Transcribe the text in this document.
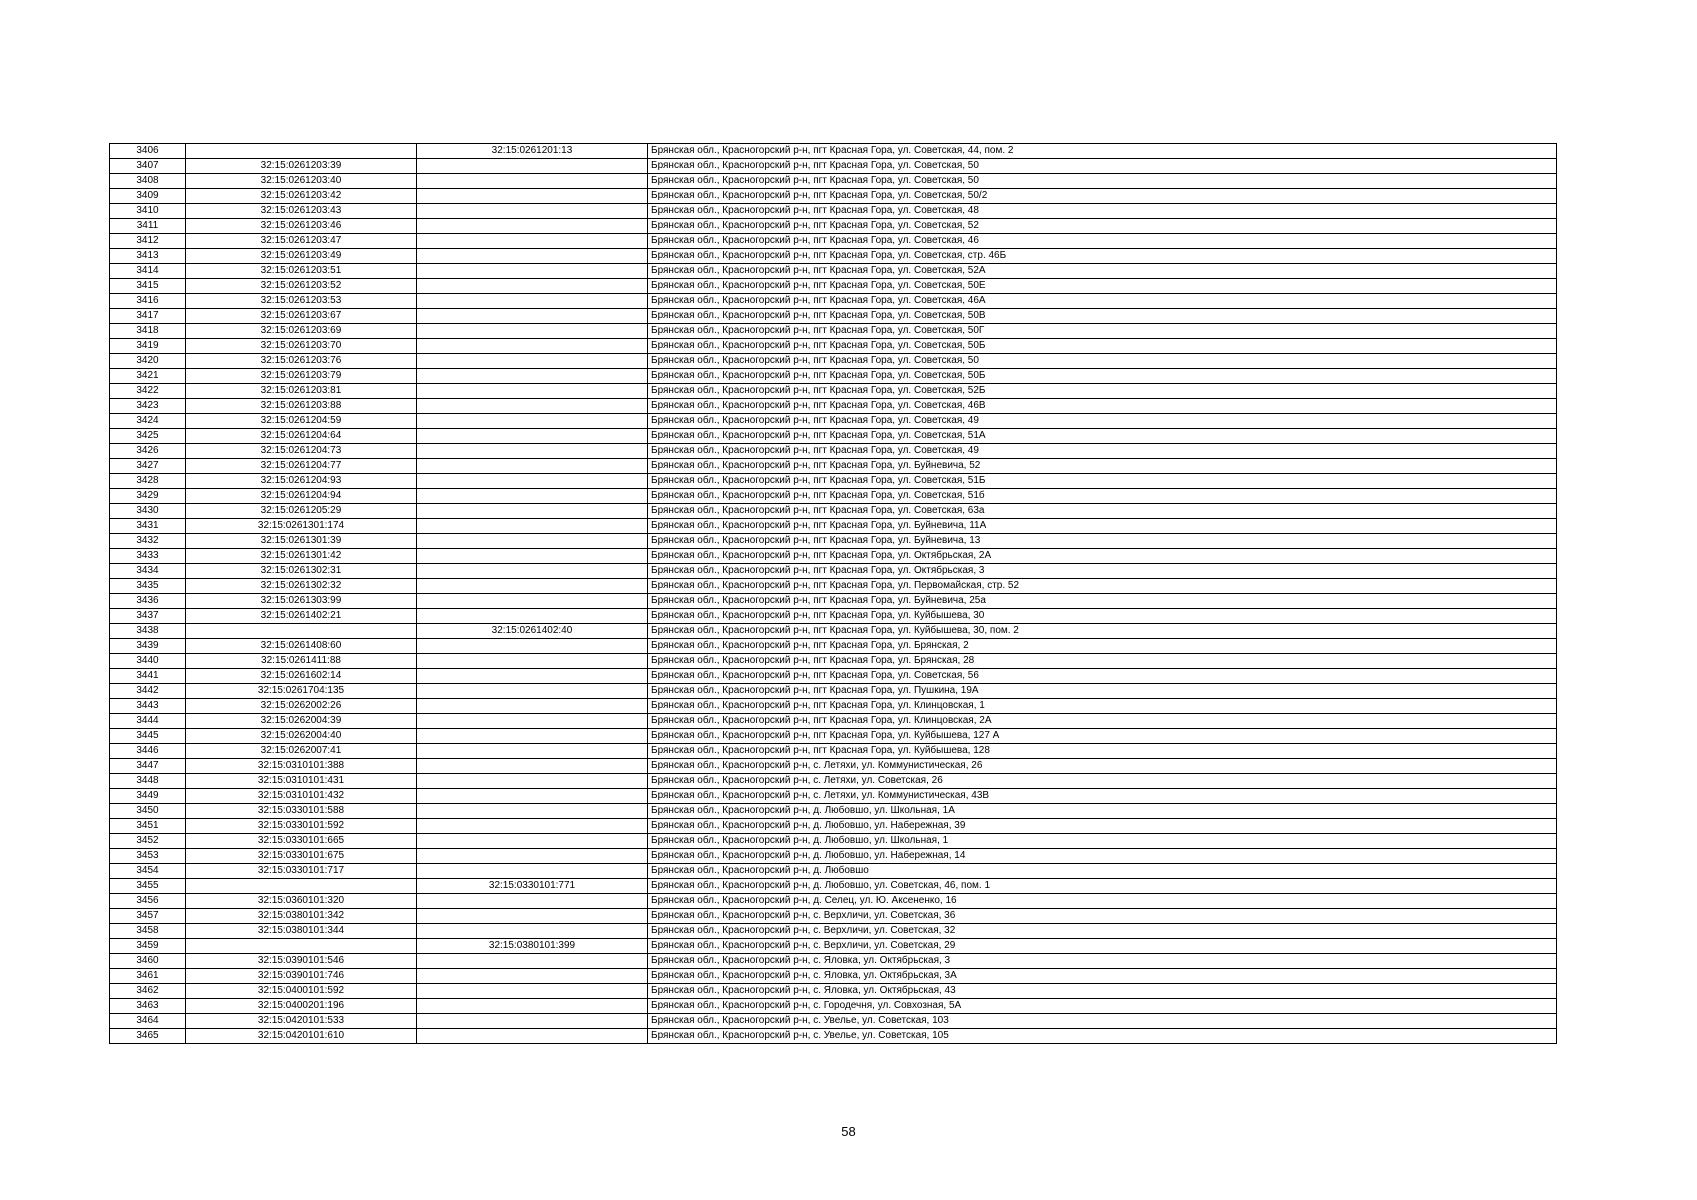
3406		32:15:0261201:13	Брянская обл., Красногорский р-н, пгт Красная Гора, ул. Советская, 44, пом. 2
3407	32:15:0261203:39		Брянская обл., Красногорский р-н, пгт Красная Гора, ул. Советская, 50
3408	32:15:0261203:40		Брянская обл., Красногорский р-н, пгт Красная Гора, ул. Советская, 50
3409	32:15:0261203:42		Брянская обл., Красногорский р-н, пгт Красная Гора, ул. Советская, 50/2
3410	32:15:0261203:43		Брянская обл., Красногорский р-н, пгт Красная Гора, ул. Советская, 48
3411	32:15:0261203:46		Брянская обл., Красногорский р-н, пгт Красная Гора, ул. Советская, 52
3412	32:15:0261203:47		Брянская обл., Красногорский р-н, пгт Красная Гора, ул. Советская, 46
3413	32:15:0261203:49		Брянская обл., Красногорский р-н, пгт Красная Гора, ул. Советская, стр. 46Б
3414	32:15:0261203:51		Брянская обл., Красногорский р-н, пгт Красная Гора, ул. Советская, 52А
3415	32:15:0261203:52		Брянская обл., Красногорский р-н, пгт Красная Гора, ул. Советская, 50Е
3416	32:15:0261203:53		Брянская обл., Красногорский р-н, пгт Красная Гора, ул. Советская, 46А
3417	32:15:0261203:67		Брянская обл., Красногорский р-н, пгт Красная Гора, ул. Советская, 50В
3418	32:15:0261203:69		Брянская обл., Красногорский р-н, пгт Красная Гора, ул. Советская, 50Г
3419	32:15:0261203:70		Брянская обл., Красногорский р-н, пгт Красная Гора, ул. Советская, 50Б
3420	32:15:0261203:76		Брянская обл., Красногорский р-н, пгт Красная Гора, ул. Советская, 50
3421	32:15:0261203:79		Брянская обл., Красногорский р-н, пгт Красная Гора, ул. Советская, 50Б
3422	32:15:0261203:81		Брянская обл., Красногорский р-н, пгт Красная Гора, ул. Советская, 52Б
3423	32:15:0261203:88		Брянская обл., Красногорский р-н, пгт Красная Гора, ул. Советская, 46В
3424	32:15:0261204:59		Брянская обл., Красногорский р-н, пгт Красная Гора, ул. Советская, 49
3425	32:15:0261204:64		Брянская обл., Красногорский р-н, пгт Красная Гора, ул. Советская, 51А
3426	32:15:0261204:73		Брянская обл., Красногорский р-н, пгт Красная Гора, ул. Советская, 49
3427	32:15:0261204:77		Брянская обл., Красногорский р-н, пгт Красная Гора, ул. Буйневича, 52
3428	32:15:0261204:93		Брянская обл., Красногорский р-н, пгт Красная Гора, ул. Советская, 51Б
3429	32:15:0261204:94		Брянская обл., Красногорский р-н, пгт Красная Гора, ул. Советская, 51б
3430	32:15:0261205:29		Брянская обл., Красногорский р-н, пгт Красная Гора, ул. Советская, 63а
3431	32:15:0261301:174		Брянская обл., Красногорский р-н, пгт Красная Гора, ул. Буйневича, 11А
3432	32:15:0261301:39		Брянская обл., Красногорский р-н, пгт Красная Гора, ул. Буйневича, 13
3433	32:15:0261301:42		Брянская обл., Красногорский р-н, пгт Красная Гора, ул. Октябрьская, 2А
3434	32:15:0261302:31		Брянская обл., Красногорский р-н, пгт Красная Гора, ул. Октябрьская, 3
3435	32:15:0261302:32		Брянская обл., Красногорский р-н, пгт Красная Гора, ул. Первомайская, стр. 52
3436	32:15:0261303:99		Брянская обл., Красногорский р-н, пгт Красная Гора, ул. Буйневича, 25а
3437	32:15:0261402:21		Брянская обл., Красногорский р-н, пгт Красная Гора, ул. Куйбышева, 30
3438		32:15:0261402:40	Брянская обл., Красногорский р-н, пгт Красная Гора, ул. Куйбышева, 30, пом. 2
3439	32:15:0261408:60		Брянская обл., Красногорский р-н, пгт Красная Гора, ул. Брянская, 2
3440	32:15:0261411:88		Брянская обл., Красногорский р-н, пгт Красная Гора, ул. Брянская, 28
3441	32:15:0261602:14		Брянская обл., Красногорский р-н, пгт Красная Гора, ул. Советская, 56
3442	32:15:0261704:135		Брянская обл., Красногорский р-н, пгт Красная Гора, ул. Пушкина, 19А
3443	32:15:0262002:26		Брянская обл., Красногорский р-н, пгт Красная Гора, ул. Клинцовская, 1
3444	32:15:0262004:39		Брянская обл., Красногорский р-н, пгт Красная Гора, ул. Клинцовская, 2А
3445	32:15:0262004:40		Брянская обл., Красногорский р-н, пгт Красная Гора, ул. Куйбышева, 127 А
3446	32:15:0262007:41		Брянская обл., Красногорский р-н, пгт Красная Гора, ул. Куйбышева, 128
3447	32:15:0310101:388		Брянская обл., Красногорский р-н, с. Летяхи, ул. Коммунистическая, 26
3448	32:15:0310101:431		Брянская обл., Красногорский р-н, с. Летяхи, ул. Советская, 26
3449	32:15:0310101:432		Брянская обл., Красногорский р-н, с. Летяхи, ул. Коммунистическая, 43В
3450	32:15:0330101:588		Брянская обл., Красногорский р-н, д. Любовшо, ул. Школьная, 1А
3451	32:15:0330101:592		Брянская обл., Красногорский р-н, д. Любовшо, ул. Набережная, 39
3452	32:15:0330101:665		Брянская обл., Красногорский р-н, д. Любовшо, ул. Школьная, 1
3453	32:15:0330101:675		Брянская обл., Красногорский р-н, д. Любовшо, ул. Набережная, 14
3454	32:15:0330101:717		Брянская обл., Красногорский р-н, д. Любовшо
3455		32:15:0330101:771	Брянская обл., Красногорский р-н, д. Любовшо, ул. Советская, 46, пом. 1
3456	32:15:0360101:320		Брянская обл., Красногорский р-н, д. Селец, ул. Ю. Аксененко, 16
3457	32:15:0380101:342		Брянская обл., Красногорский р-н, с. Верхличи, ул. Советская, 36
3458	32:15:0380101:344		Брянская обл., Красногорский р-н, с. Верхличи, ул. Советская, 32
3459		32:15:0380101:399	Брянская обл., Красногорский р-н, с. Верхличи, ул. Советская, 29
3460	32:15:0390101:546		Брянская обл., Красногорский р-н, с. Яловка, ул. Октябрьская, 3
3461	32:15:0390101:746		Брянская обл., Красногорский р-н, с. Яловка, ул. Октябрьская, 3А
3462	32:15:0400101:592		Брянская обл., Красногорский р-н, с. Яловка, ул. Октябрьская, 43
3463	32:15:0400201:196		Брянская обл., Красногорский р-н, с. Городечня, ул. Совхозная, 5А
3464	32:15:0420101:533		Брянская обл., Красногорский р-н, с. Увелье, ул. Советская, 103
3465	32:15:0420101:610		Брянская обл., Красногорский р-н, с. Увелье, ул. Советская, 105
58
